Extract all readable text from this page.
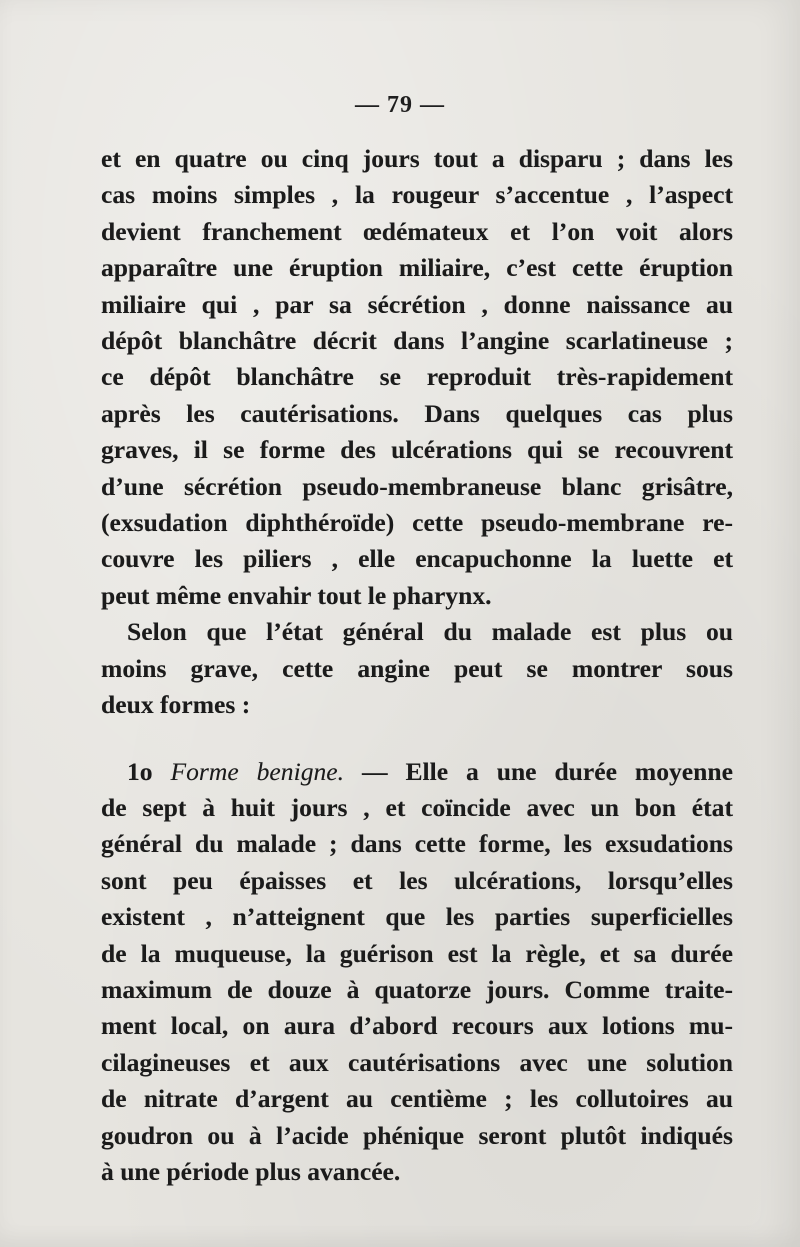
— 79 —
et en quatre ou cinq jours tout a disparu ; dans les
cas moins simples , la rougeur s’accentue , l’aspect
devient franchement œdémateux et l’on voit alors
apparaître une éruption miliaire, c’est cette éruption
miliaire qui , par sa sécrétion , donne naissance au
dépôt blanchâtre décrit dans l’angine scarlatineuse ;
ce dépôt blanchâtre se reproduit très-rapidement
après les cautérisations. Dans quelques cas plus
graves, il se forme des ulcérations qui se recouvrent
d’une sécrétion pseudo-membraneuse blanc grisâtre,
(exsudation diphthéroïde) cette pseudo-membrane re-
couvre les piliers , elle encapuchonne la luette et
peut même envahir tout le pharynx.
Selon que l’état général du malade est plus ou
moins grave, cette angine peut se montrer sous
deux formes :
1o Forme benigne. — Elle a une durée moyenne
de sept à huit jours , et coïncide avec un bon état
général du malade ; dans cette forme, les exsudations
sont peu épaisses et les ulcérations, lorsqu’elles
existent , n’atteignent que les parties superficielles
de la muqueuse, la guérison est la règle, et sa durée
maximum de douze à quatorze jours. Comme traite-
ment local, on aura d’abord recours aux lotions mu-
cilagineuses et aux cautérisations avec une solution
de nitrate d’argent au centième ; les collutoires au
goudron ou à l’acide phénique seront plutôt indiqués
à une période plus avancée.
